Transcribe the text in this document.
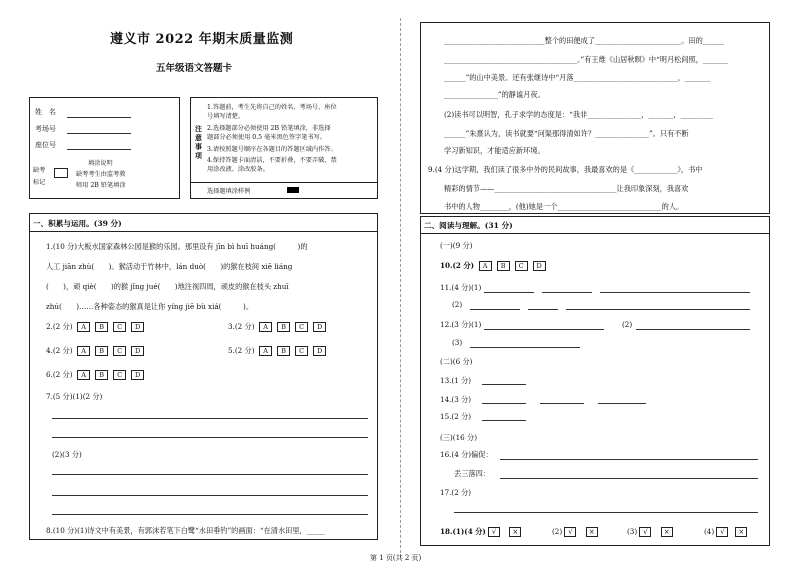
遵义市 2022 年期末质量监测
五年级语文答题卡
姓　名
考场号
座位号
缺考
标记
填涂说明
缺考考生由监考教
师用 2B 铅笔填涂
注
意
事
项
1.答题前，考生先将自己的姓名、考场号、座位
号填写清楚。
2.选择题部分必须使用 2B 铅笔填涂，非选择
题部分必须使用 0.5 毫米黑色签字笔书写。
3.请按照题号顺序在各题目的答题区域内作答。
4.保持答题卡面清洁，不要折叠，不要弄破，禁
用涂改液、涂改胶条。
选择题填涂样例
一、积累与运用。(39 分)
1.(10 分)大板水国家森林公园是猴的乐园。那里设有 jīn bì huī huáng(　　　)的
人工 jiān zhù(　　)。猴活动于竹林中，lán duò(　　)的猴在枝间 xiē liáng
(　　)，顽 qiè(　　)的猴 jǐng jué(　　)地注视四周，顽皮的猴在枝头 zhuī
zhú(　　)……各种姿态的猴真是让你 yíng jiē bù xiá(　　　)。
2.(2 分) A B C D	3.(2 分) A B C D
4.(2 分) A B C D	5.(2 分) A B C D
6.(2 分) A B C D
7.(5 分)(1)(2 分)
(2)(3 分)
8.(10 分)(1)诗文中有美景，有郭沫若笔下白鹭“水田垂钓”的画面：“在清水田里，_____
____________________________整个的田便成了________________________。田的______
_____________________________________。”有王维《山居秋暝》中“明月松间照，_______
______”的山中美景。还有张继诗中“月落_____________________________，_______
_______________”的静谧月夜。
(2)读书可以明智，孔子求学的态度是：“我非_______________，_______，_________
______”朱熹认为，读书就要“问渠那得清如许？_______________”。只有不断
学习新知识，才能适应新环境。
9.(4 分)这学期，我们读了很多中外的民间故事，我最喜欢的是《____________》，书中
精彩的情节——__________________________________让我印象深刻，我喜欢
书中的人物________，(他)她是一个_____________________________的人。
二、阅读与理解。(31 分)
(一)(9 分)
10.(2 分) A B C D
11.(4 分)(1)
(2)
12.(3 分)(1)	(2)
(3)
(二)(6 分)
13.(1 分)
14.(3 分)
15.(2 分)
(三)(16 分)
16.(4 分)偏促：
丢三落四：
17.(2 分)
18.(1)(4 分) √ ×	(2) √ ×	(3) √ ×	(4) √ ×
第 1 页(共 2 页)
